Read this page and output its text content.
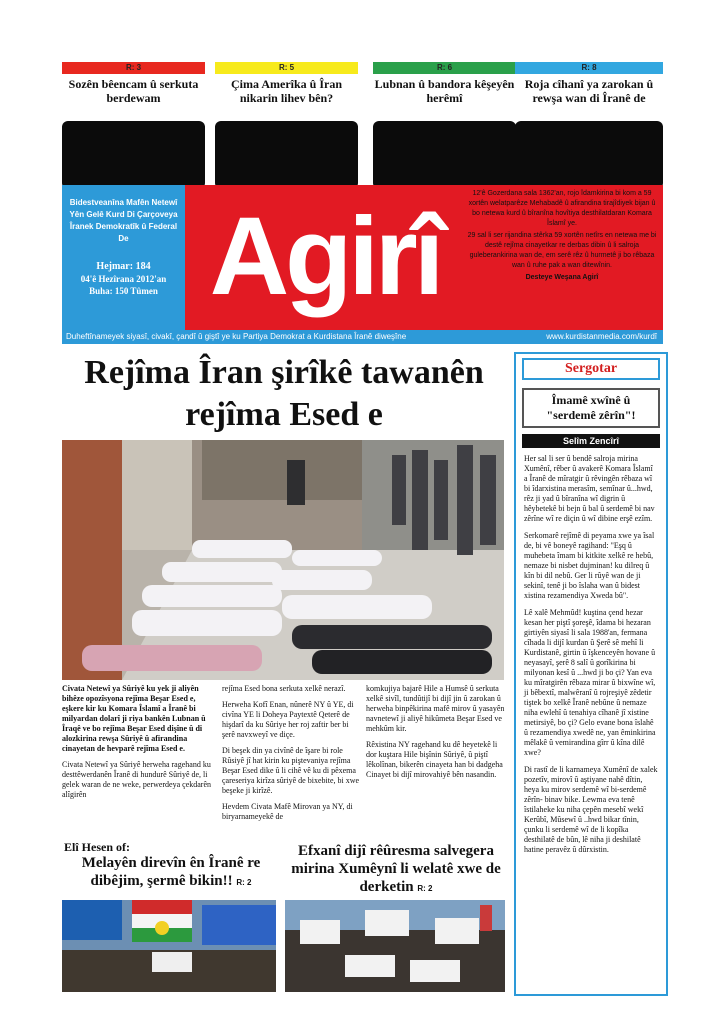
R: 3
Sozên bêencam û serkuta berdewam
R: 5
Çima Amerîka û Îran nikarin lihev bên?
R: 6
Lubnan û bandora kêşeyên herêmî
R: 8
Roja cîhanî ya zarokan û rewşa wan di Îranê de
Bidestveanîna Mafên Netewî Yên Gelê Kurd Di Çarçoveya Îranek Demokratîk û Federal De
Hejmar: 184
04'ê Hezîrana 2012'an
Buha: 150 Tûmen Agirî

12'ê Gozerdana sala 1362'an, rojo îdamkirina bi kom a 59 xortên welatparêze Mehabadê û afirandina tirajîdiyek bijan û bo netewa kurd û bîranîna hovîtiya desthilatdaran Komara Îslamî ye.

29 sal li ser rijandina stêrka 59 xortên netîrs en netewa me bi destê rejîma cinayetkar re derbas dibin û li salroja guleberankirina wan de, em serê rêz û hurmetê ji bo rêbaza wan û ruhe pak a wan ditewînin.

Desteye Weşana Agirî
Duheftînameyek siyasî, civakî, çandî û giştî ye ku Partiya Demokrat a Kurdistana Îranê diweşîne	www.kurdistanmedia.com/kurdî
Rejîma Îran şirîkê tawanên rejîma Esed e

Civata Netewî ya Sûriyê ku yek ji aliyên bihêze opozîsyona rejîma Beşar Esed e, eşkere kir ku Komara Îslamî a Îranê bi milyardan dolarî ji riya bankên Lubnan û Îraqê ve bo rejîma Beşar Esed dişîne û di alozkirina rewşa Sûriyê û afirandina cinayetan de hevparê rejîma Esed e.

Civata Netewî ya Sûriyê herweha ragehand ku desttêwerdanên Îranê di hundurê Sûriyê de, li gelek waran de ne weke, perwerdeya çekdarên alîgirên

rejîma Esed bona serkuta xelkê nerazî.

Herweha Kofî Enan, nûnerê NY û YE, di civîna YE li Doheya Paytextê Qeterê de hişdarî da ku Sûriye her roj zaftir ber bi şerê navxweyî ve diçe.

Di beşek din ya civînê de îşare bi role Rûsiyê jî hat kirin ku piştevaniya rejîma Beşar Esed dike û li cihê vê ku di pêxema çareseriya kirîza sûriyê de bixebite, bi xwe beşeke ji kirîzê.

Hevdem Civata Mafê Mirovan ya NY, di biryarnameyekê de

komkujiya bajarê Hile a Humsê û serkuta xelkê sivîl, tundûtijî bi dijî jin û zarokan û herweha binpêkirina mafê mirov û yasayên navnetewî ji aliyê hikûmeta Beşar Esed ve mehkûm kir.

Rêxistina NY ragehand ku dê heyetekê li dor kuştara Hile bişînin Sûriyê, û piştî lêkolînan, bikerên cinayeta han bi dadgeha Cinayet bi dijî mirovahiyê bên nasandin.

Sergotar
Îmamê xwînê û "serdemê zêrîn"!
Selîm Zencîrî

Her sal li ser û bendê salroja mirina Xumênî, rêber û avakerê Komara Îslamî a Îranê de mîratgir û rêvingên rêbaza wî bi îdarxistina merasîm, semînar û...hwd, rêz ji yad û bîranîna wî digrin û hêybetekê bi bejn û bal û serdemê bi nav zêrîne wî re diçin û wî dibine erşê ezîm.

Serkomarê rejîmê di peyama xwe ya îsal de, bi vê boneyê ragihand: "Eşq û muhebeta îmam bi kitkite xelkê re hebû, nemaze bi nisbet dujminan! ku dilreq û kîn bi dil nebû. Ger li rûyê wan de ji sekinî, tenê ji bo îslaha wan û bidest xistina rezamendiya Xweda bû".

Lê xalê Mehmûd! kuştina çend hezar kesan her piştî şoreşê, îdama bi hezaran girtiyên siyasî li sala 1988'an, fermana cîhada li dijî kurdan û Şerê sê mehî li Kurdistanê, girtin û îşkenceyên hovane û neyasayî, şerê 8 salî û gorîkirina bi milyonan kesî û ...hwd ji bo çi? Yan eva ku mîratgirên rêbaza mirar û bixwîne wî, ji bêbextî, malwêranî û rojreşiyê zêdetir tiştek bo xelkê Îranê nebûne û nemaze niha ewlehî û tenahiya cîhanê jî xistine metirsiyê, bo çi? Gelo evane bona îslahê û rezamendiya xwedê ne, yan êminkirina mêlakê û vemirandina gîrr û kîna dilê xwe?

Di rastî de li karnameya Xumênî de xalek pozetîv, mirovî û aştiyane nahê dîtin, heya ku mirov serdemê wî bi-serdemê zêrîn- binav bike. Lewma eva tenê îstilaheke ku niha çepên mesebî wekî Kerûbî, Mûsewî û ..hwd bikar tînin, çunku li serdemê wî de li kopîka desthilatê de bûn, lê niha ji deshilatê hatine peravêz û dûrxistin.

Elî Hesen of:
Melayên direvîn ên Îranê re dibêjim, şermê bikin!! R: 2
Efxanî dijî rêûresma salvegera mirina Xumêynî li welatê xwe de derketin R: 2
